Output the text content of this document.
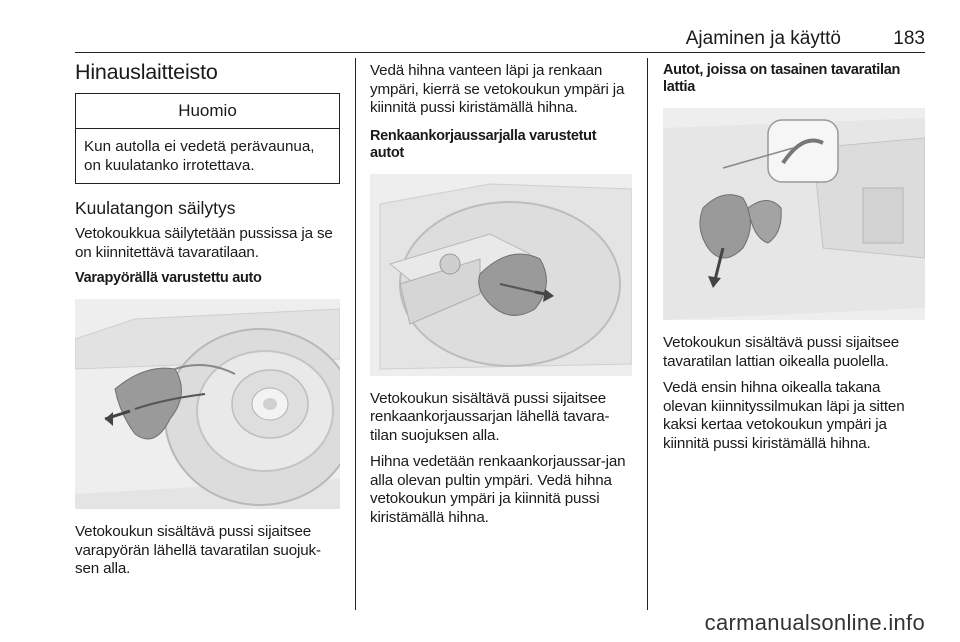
Ajaminen ja käyttö	183
Hinauslaitteisto
Huomio
Kun autolla ei vedetä perävaunua, on kuulatanko irrotettava.
Kuulatangon säilytys

Vetokoukkua säilytetään pussissa ja se on kiinnitettävä tavaratilaan.

Varapyörällä varustettu auto

Vetokoukun sisältävä pussi sijaitsee varapyörän lähellä tavaratilan suojuk-sen alla.

Vedä hihna vanteen läpi ja renkaan ympäri, kierrä se vetokoukun ympäri ja kiinnitä pussi kiristämällä hihna.

Renkaankorjaussarjalla varustetut autot

Vetokoukun sisältävä pussi sijaitsee renkaankorjaussarjan lähellä tavara-tilan suojuksen alla.

Hihna vedetään renkaankorjaussar-jan alla olevan pultin ympäri. Vedä hihna vetokoukun ympäri ja kiinnitä pussi kiristämällä hihna.

Autot, joissa on tasainen tavaratilan lattia

Vetokoukun sisältävä pussi sijaitsee tavaratilan lattian oikealla puolella.

Vedä ensin hihna oikealla takana olevan kiinnityssilmukan läpi ja sitten kaksi kertaa vetokoukun ympäri ja kiinnitä pussi kiristämällä hihna.

carmanualsonline.info
